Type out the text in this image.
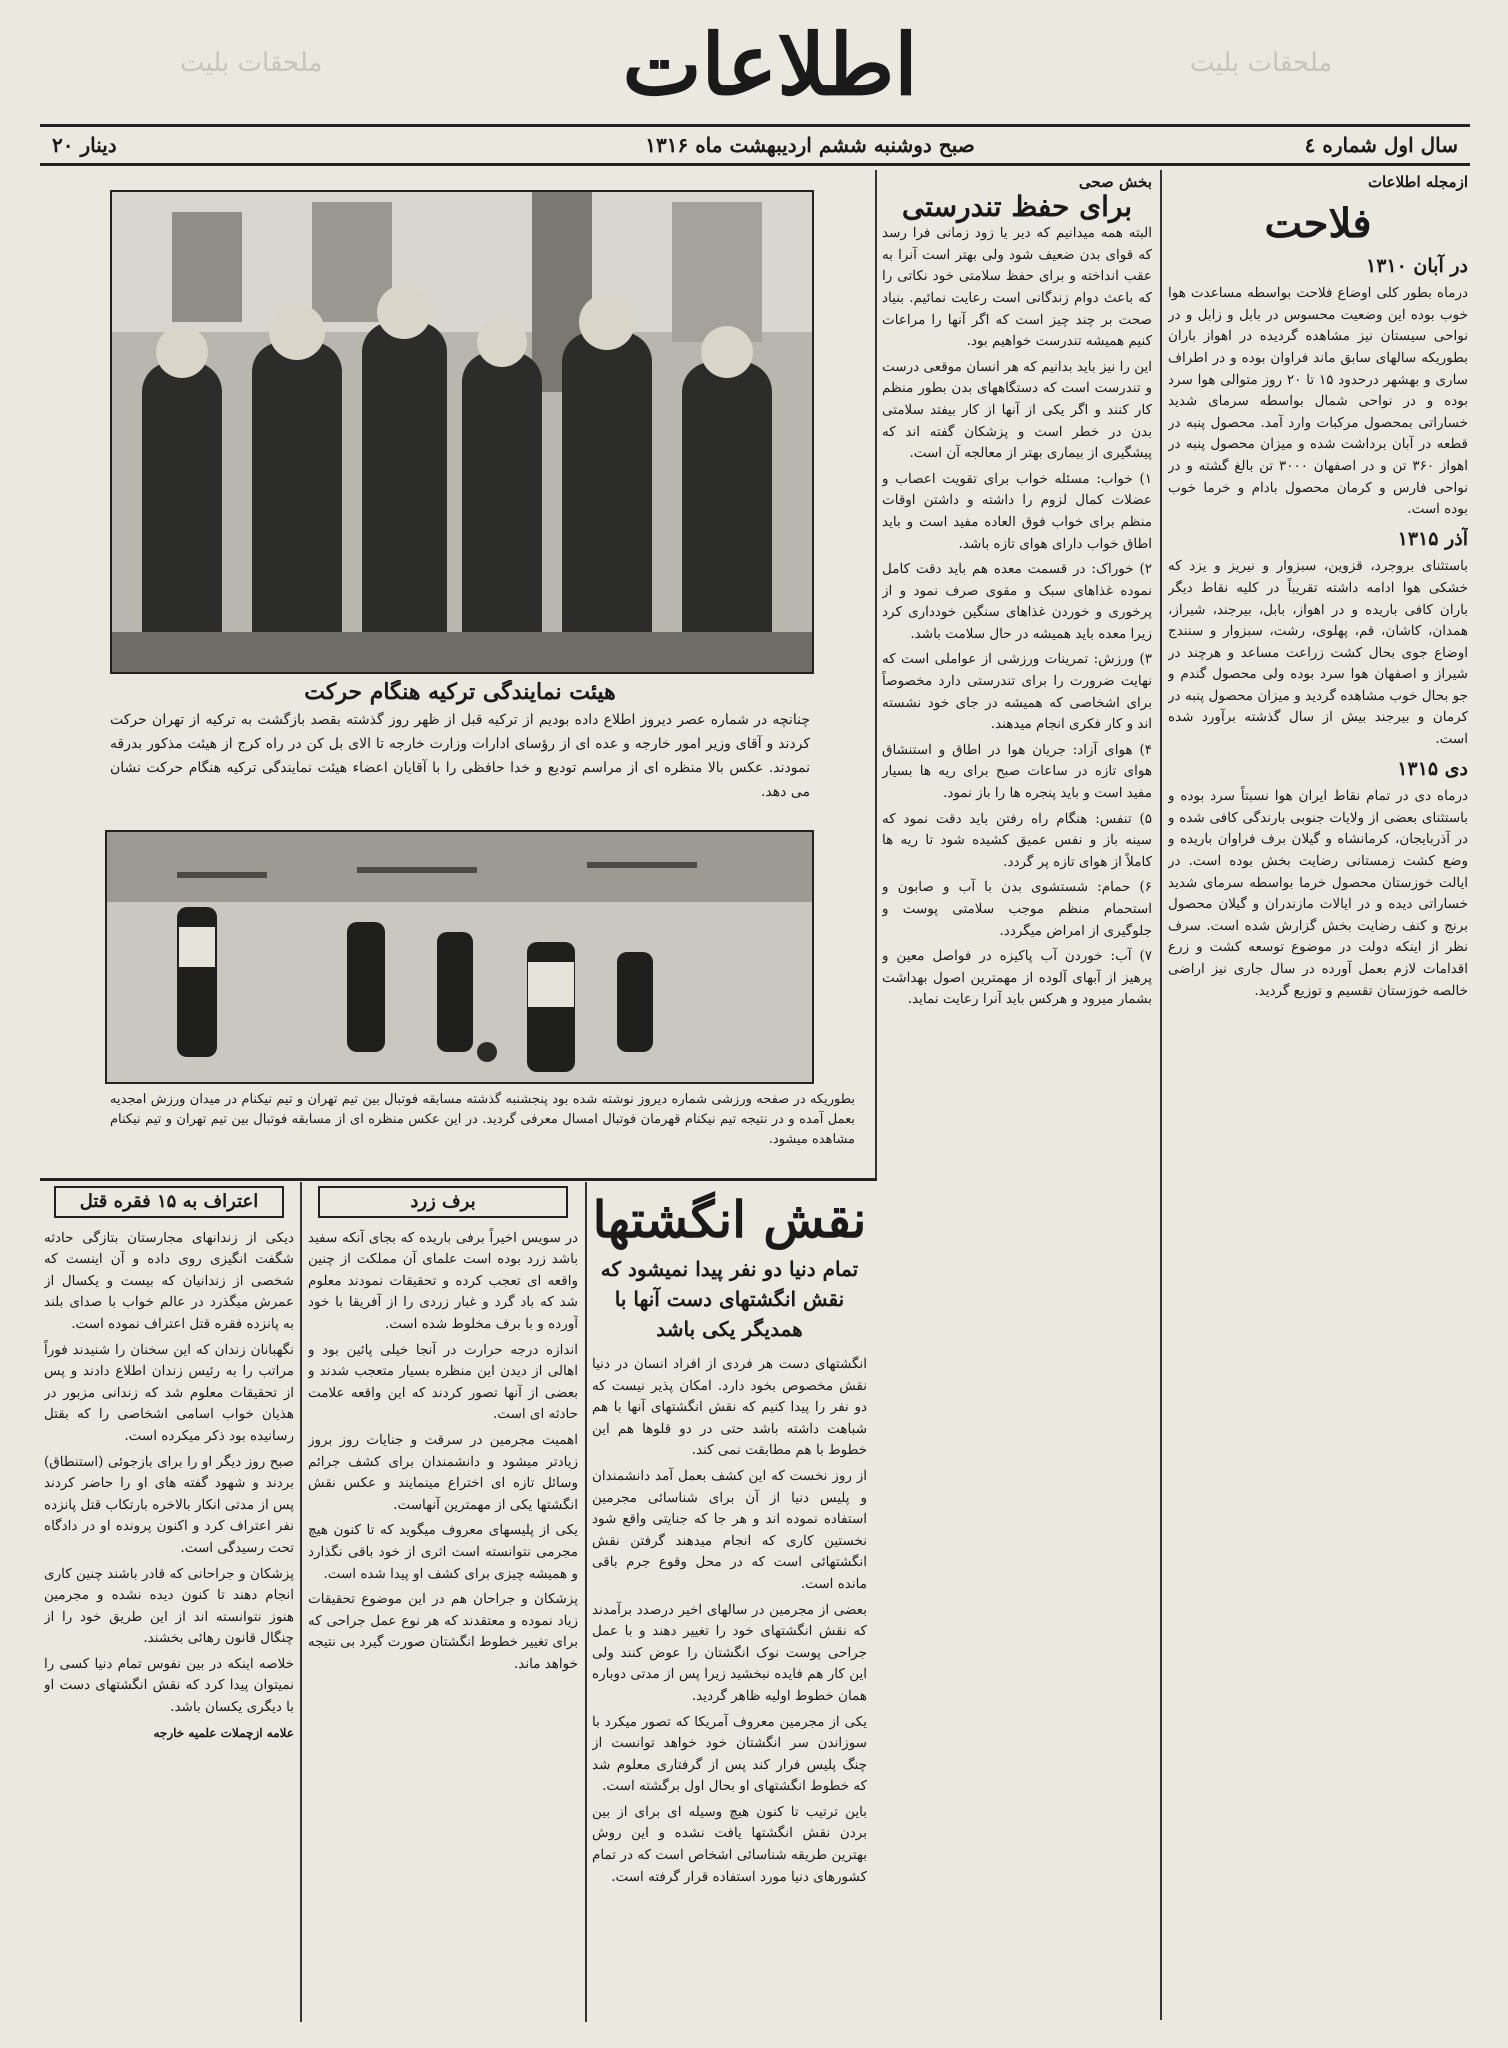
ملحقات بلیت	ملحقات بلیت
اطلاعات
۲۰ دینار	صبح دوشنبه ششم اردیبهشت ماه ۱۳۱۶	سال اول شماره ٤
ازمجله اطلاعات
فلاحت
در آبان ۱۳۱۰

درماه بطور کلی اوضاع فلاحت بواسطه مساعدت هوا خوب بوده این وضعیت محسوس در بابل و زابل و در نواحی سیستان نیز مشاهده گردیده در اهواز باران بطوریکه سالهای سابق ماند فراوان بوده و در اطراف ساری و بهشهر درحدود ۱۵ تا ۲۰ روز متوالی هوا سرد بوده و در نواحی شمال بواسطه سرمای شدید خساراتی بمحصول مرکبات وارد آمد. محصول پنبه در قطعه در آبان برداشت شده و میزان محصول پنبه در اهواز ۳۶۰ تن و در اصفهان ۳۰۰۰ تن بالغ گشته و در نواحی فارس و کرمان محصول بادام و خرما خوب بوده است.

آذر ۱۳۱۵

باستثنای بروجرد، قزوین، سبزوار و نیریز و یزد که خشکی هوا ادامه داشته تقریباً در کلیه نقاط دیگر باران کافی باریده و در اهواز، بابل، بیرجند، شیراز، همدان، کاشان، قم، پهلوی، رشت، سبزوار و سنندج اوضاع جوی بحال کشت زراعت مساعد و هرچند در شیراز و اصفهان هوا سرد بوده ولی محصول گندم و جو بحال خوب مشاهده گردید و میزان محصول پنبه در کرمان و بیرجند بیش از سال گذشته برآورد شده است.

دی ۱۳۱۵

درماه دی در تمام نقاط ایران هوا نسبتاً سرد بوده و باستثنای بعضی از ولایات جنوبی بارندگی کافی شده و در آذربایجان، کرمانشاه و گیلان برف فراوان باریده و وضع کشت زمستانی رضایت بخش بوده است. در ایالت خوزستان محصول خرما بواسطه سرمای شدید خساراتی دیده و در ایالات مازندران و گیلان محصول برنج و کنف رضایت بخش گزارش شده است. سرف نظر از اینکه دولت در موضوع توسعه کشت و زرع اقدامات لازم بعمل آورده در سال جاری نیز اراضی خالصه خوزستان تقسیم و توزیع گردید.

بخش صحی
برای حفظ تندرستی

البته همه میدانیم که دیر یا زود زمانی فرا رسد که قوای بدن ضعیف شود ولی بهتر است آنرا به عقب انداخته و برای حفظ سلامتی خود نکاتی را که باعث دوام زندگانی است رعایت نمائیم. بنیاد صحت بر چند چیز است که اگر آنها را مراعات کنیم همیشه تندرست خواهیم بود.

این را نیز باید بدانیم که هر انسان موقعی درست و تندرست است که دستگاههای بدن بطور منظم کار کنند و اگر یکی از آنها از کار بیفتد سلامتی بدن در خطر است و پزشکان گفته اند که پیشگیری از بیماری بهتر از معالجه آن است.

۱) خواب: مسئله خواب برای تقویت اعصاب و عضلات کمال لزوم را داشته و داشتن اوقات منظم برای خواب فوق العاده مفید است و باید اطاق خواب دارای هوای تازه باشد.

۲) خوراک: در قسمت معده هم باید دقت کامل نموده غذاهای سبک و مقوی صرف نمود و از پرخوری و خوردن غذاهای سنگین خودداری کرد زیرا معده باید همیشه در حال سلامت باشد.

۳) ورزش: تمرینات ورزشی از عواملی است که نهایت ضرورت را برای تندرستی دارد مخصوصاً برای اشخاصی که همیشه در جای خود نشسته اند و کار فکری انجام میدهند.

۴) هوای آزاد: جریان هوا در اطاق و استنشاق هوای تازه در ساعات صبح برای ریه ها بسیار مفید است و باید پنجره ها را باز نمود.

۵) تنفس: هنگام راه رفتن باید دقت نمود که سینه باز و نفس عمیق کشیده شود تا ریه ها کاملاً از هوای تازه پر گردد.

۶) حمام: شستشوی بدن با آب و صابون و استحمام منظم موجب سلامتی پوست و جلوگیری از امراض میگردد.

۷) آب: خوردن آب پاکیزه در فواصل معین و پرهیز از آبهای آلوده از مهمترین اصول بهداشت بشمار میرود و هرکس باید آنرا رعایت نماید.

هیئت نمایندگی ترکیه هنگام حرکت
چنانچه در شماره عصر دیروز اطلاع داده بودیم از ترکیه قبل از ظهر روز گذشته بقصد بازگشت به ترکیه از تهران حرکت کردند و آقای وزیر امور خارجه و عده ای از رؤسای ادارات وزارت خارجه تا الای بل کن در راه کرج از هیئت مذکور بدرقه نمودند. عکس بالا منظره ای از مراسم تودیع و خدا حافظی را با آقایان اعضاء هیئت نمایندگی ترکیه هنگام حرکت نشان می دهد.
بطوریکه در صفحه ورزشی شماره دیروز نوشته شده بود پنجشنبه گذشته مسابقه فوتبال بین تیم تهران و تیم نیکنام در میدان ورزش امجدیه بعمل آمده و در نتیجه تیم نیکنام قهرمان فوتبال امسال معرفی گردید. در این عکس منظره ای از مسابقه فوتبال بین تیم تهران و تیم نیکنام مشاهده میشود.
نقش انگشتها
تمام دنیا دو نفر پیدا نمیشود که نقش انگشتهای دست آنها با همدیگر یکی باشد

انگشتهای دست هر فردی از افراد انسان در دنیا نقش مخصوص بخود دارد. امکان پذیر نیست که دو نفر را پیدا کنیم که نقش انگشتهای آنها با هم شباهت داشته باشد حتی در دو قلوها هم این خطوط با هم مطابقت نمی کند.

از روز نخست که این کشف بعمل آمد دانشمندان و پلیس دنیا از آن برای شناسائی مجرمین استفاده نموده اند و هر جا که جنایتی واقع شود نخستین کاری که انجام میدهند گرفتن نقش انگشتهائی است که در محل وقوع جرم باقی مانده است.

بعضی از مجرمین در سالهای اخیر درصدد برآمدند که نقش انگشتهای خود را تغییر دهند و با عمل جراحی پوست نوک انگشتان را عوض کنند ولی این کار هم فایده نبخشید زیرا پس از مدتی دوباره همان خطوط اولیه ظاهر گردید.

یکی از مجرمین معروف آمریکا که تصور میکرد با سوزاندن سر انگشتان خود خواهد توانست از چنگ پلیس فرار کند پس از گرفتاری معلوم شد که خطوط انگشتهای او بحال اول برگشته است.

باین ترتیب تا کنون هیچ وسیله ای برای از بین بردن نقش انگشتها یافت نشده و این روش بهترین طریقه شناسائی اشخاص است که در تمام کشورهای دنیا مورد استفاده قرار گرفته است.

برف زرد

در سویس اخیراً برفی باریده که بجای آنکه سفید باشد زرد بوده است علمای آن مملکت از چنین واقعه ای تعجب کرده و تحقیقات نمودند معلوم شد که باد گرد و غبار زردی را از آفریقا با خود آورده و با برف مخلوط شده است.

اندازه درجه حرارت در آنجا خیلی پائین بود و اهالی از دیدن این منظره بسیار متعجب شدند و بعضی از آنها تصور کردند که این واقعه علامت حادثه ای است.

اهمیت مجرمین در سرقت و جنایات روز بروز زیادتر میشود و دانشمندان برای کشف جرائم وسائل تازه ای اختراع مینمایند و عکس نقش انگشتها یکی از مهمترین آنهاست.

یکی از پلیسهای معروف میگوید که تا کنون هیچ مجرمی نتوانسته است اثری از خود باقی نگذارد و همیشه چیزی برای کشف او پیدا شده است.

پزشکان و جراحان هم در این موضوع تحقیقات زیاد نموده و معتقدند که هر نوع عمل جراحی که برای تغییر خطوط انگشتان صورت گیرد بی نتیجه خواهد ماند.

اعتراف به ۱۵ فقره قتل

دیکی از زندانهای مجارستان بتازگی حادثه شگفت انگیزی روی داده و آن اینست که شخصی از زندانیان که بیست و یکسال از عمرش میگذرد در عالم خواب با صدای بلند به پانزده فقره قتل اعتراف نموده است.

نگهبانان زندان که این سخنان را شنیدند فوراً مراتب را به رئیس زندان اطلاع دادند و پس از تحقیقات معلوم شد که زندانی مزبور در هذیان خواب اسامی اشخاصی را که بقتل رسانیده بود ذکر میکرده است.

صبح روز دیگر او را برای بازجوئی (استنطاق) بردند و شهود گفته های او را حاضر کردند پس از مدتی انکار بالاخره بارتکاب قتل پانزده نفر اعتراف کرد و اکنون پرونده او در دادگاه تحت رسیدگی است.

پزشکان و جراحانی که قادر باشند چنین کاری انجام دهند تا کنون دیده نشده و مجرمین هنوز نتوانسته اند از این طریق خود را از چنگال قانون رهائی بخشند.

خلاصه اینکه در بین نفوس تمام دنیا کسی را نمیتوان پیدا کرد که نقش انگشتهای دست او با دیگری یکسان باشد.

علامه ازچملات علمیه خارجه
